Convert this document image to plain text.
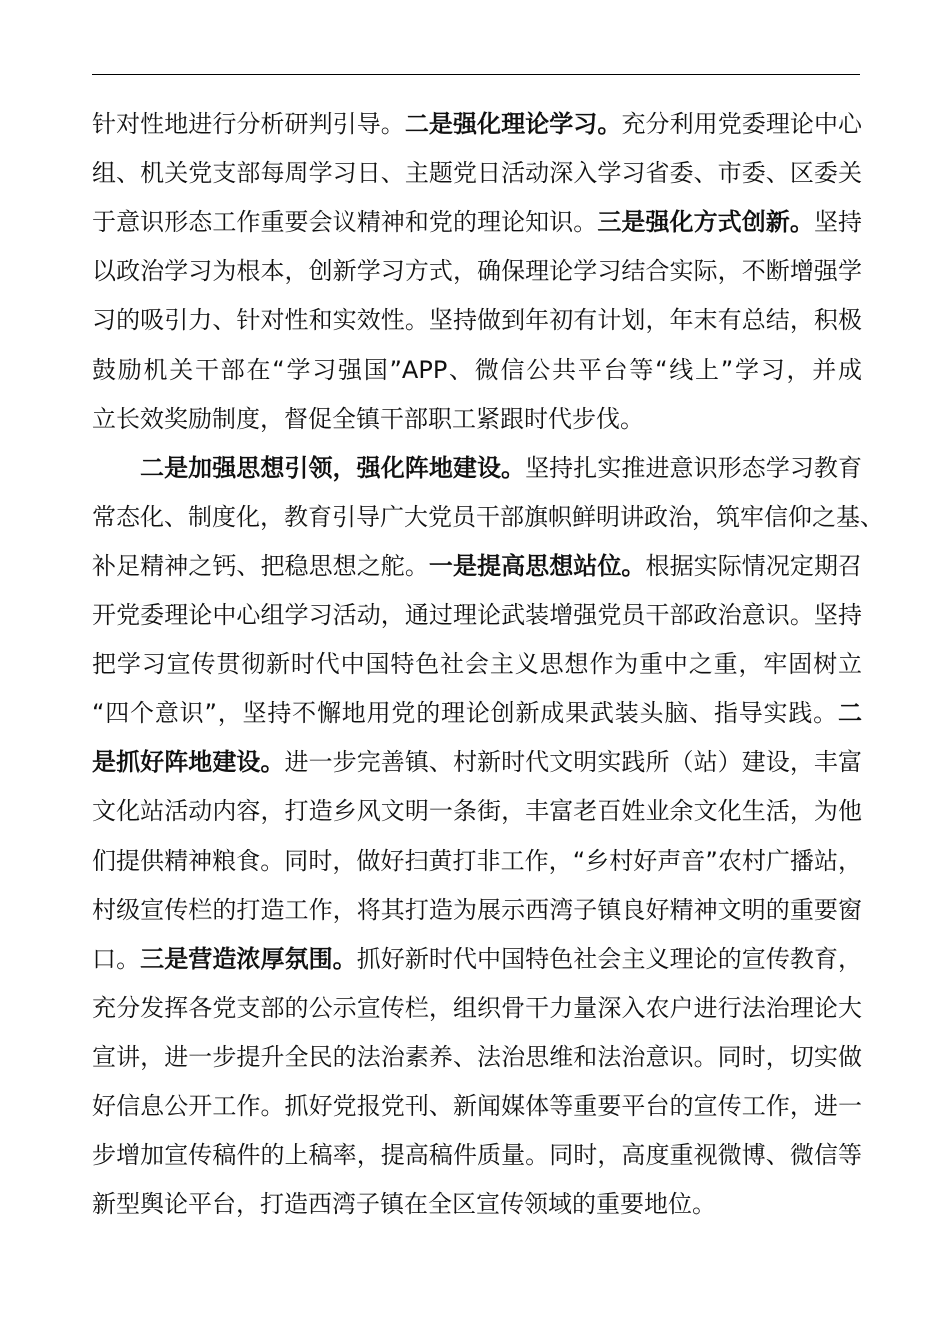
针对性地进行分析研判引导。二是强化理论学习。充分利用党委理论中心
组、机关党支部每周学习日、主题党日活动深入学习省委、市委、区委关
于意识形态工作重要会议精神和党的理论知识。三是强化方式创新。坚持
以政治学习为根本，创新学习方式，确保理论学习结合实际，不断增强学
习的吸引力、针对性和实效性。坚持做到年初有计划，年末有总结，积极
鼓励机关干部在“学习强国”APP、微信公共平台等“线上”学习，并成
立长效奖励制度，督促全镇干部职工紧跟时代步伐。
二是加强思想引领，强化阵地建设。坚持扎实推进意识形态学习教育
常态化、制度化，教育引导广大党员干部旗帜鲜明讲政治，筑牢信仰之基、
补足精神之钙、把稳思想之舵。一是提高思想站位。根据实际情况定期召
开党委理论中心组学习活动，通过理论武装增强党员干部政治意识。坚持
把学习宣传贯彻新时代中国特色社会主义思想作为重中之重，牢固树立
“四个意识”，坚持不懈地用党的理论创新成果武装头脑、指导实践。二
是抓好阵地建设。进一步完善镇、村新时代文明实践所（站）建设，丰富
文化站活动内容，打造乡风文明一条街，丰富老百姓业余文化生活，为他
们提供精神粮食。同时，做好扫黄打非工作，“乡村好声音”农村广播站，
村级宣传栏的打造工作，将其打造为展示西湾子镇良好精神文明的重要窗
口。三是营造浓厚氛围。抓好新时代中国特色社会主义理论的宣传教育，
充分发挥各党支部的公示宣传栏，组织骨干力量深入农户进行法治理论大
宣讲，进一步提升全民的法治素养、法治思维和法治意识。同时，切实做
好信息公开工作。抓好党报党刊、新闻媒体等重要平台的宣传工作，进一
步增加宣传稿件的上稿率，提高稿件质量。同时，高度重视微博、微信等
新型舆论平台，打造西湾子镇在全区宣传领域的重要地位。
